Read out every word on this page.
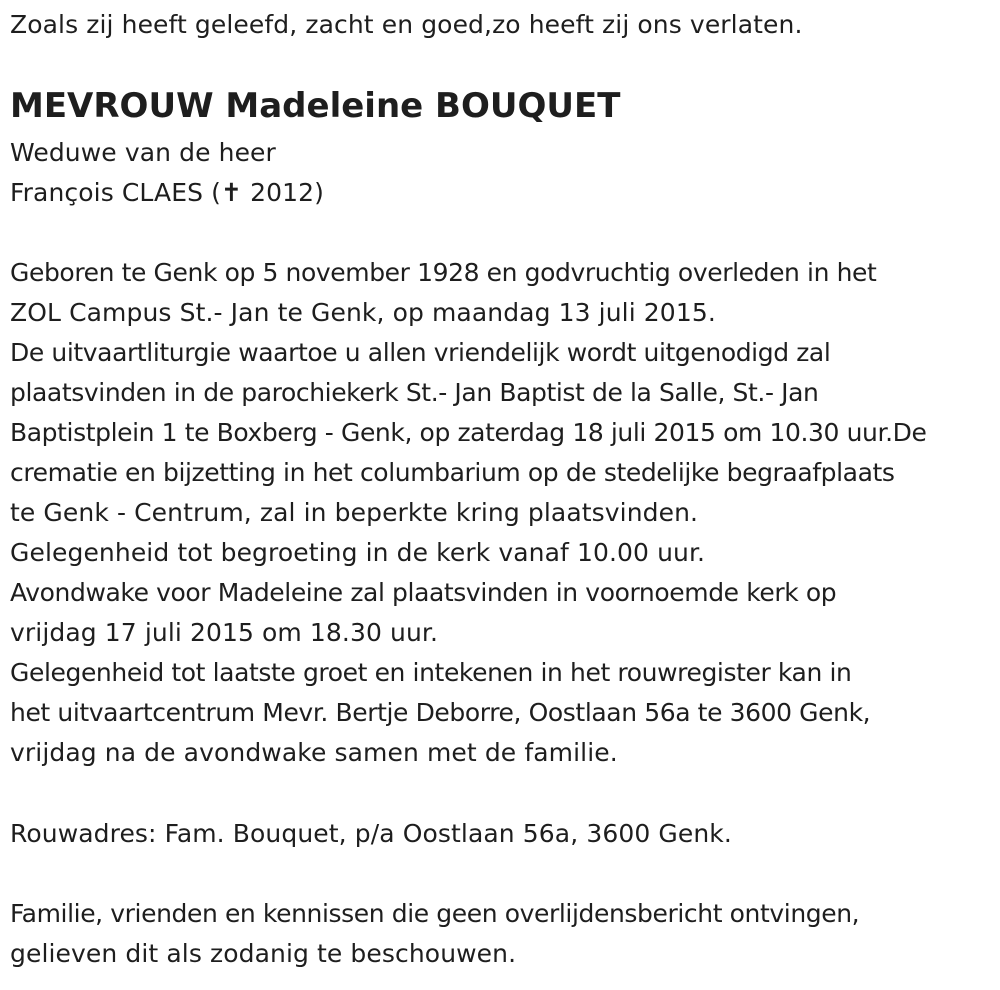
Zoals zij heeft geleefd, zacht en goed,zo heeft zij ons verlaten.
MEVROUW Madeleine BOUQUET
Weduwe van de heer
François CLAES (✝ 2012)
Geboren te Genk op 5 november 1928 en godvruchtig overleden in het
ZOL Campus St.- Jan te Genk, op maandag 13 juli 2015.
De uitvaartliturgie waartoe u allen vriendelijk wordt uitgenodigd zal
plaatsvinden in de parochiekerk St.- Jan Baptist de la Salle, St.- Jan
Baptistplein 1 te Boxberg - Genk, op zaterdag 18 juli 2015 om 10.30 uur.De
crematie en bijzetting in het columbarium op de stedelijke begraafplaats
te Genk - Centrum, zal in beperkte kring plaatsvinden.
Gelegenheid tot begroeting in de kerk vanaf 10.00 uur.
Avondwake voor Madeleine zal plaatsvinden in voornoemde kerk op
vrijdag 17 juli 2015 om 18.30 uur.
Gelegenheid tot laatste groet en intekenen in het rouwregister kan in
het uitvaartcentrum Mevr. Bertje Deborre, Oostlaan 56a te 3600 Genk,
vrijdag na de avondwake samen met de familie.
Rouwadres: Fam. Bouquet, p/a Oostlaan 56a, 3600 Genk.
Familie, vrienden en kennissen die geen overlijdensbericht ontvingen,
gelieven dit als zodanig te beschouwen.
